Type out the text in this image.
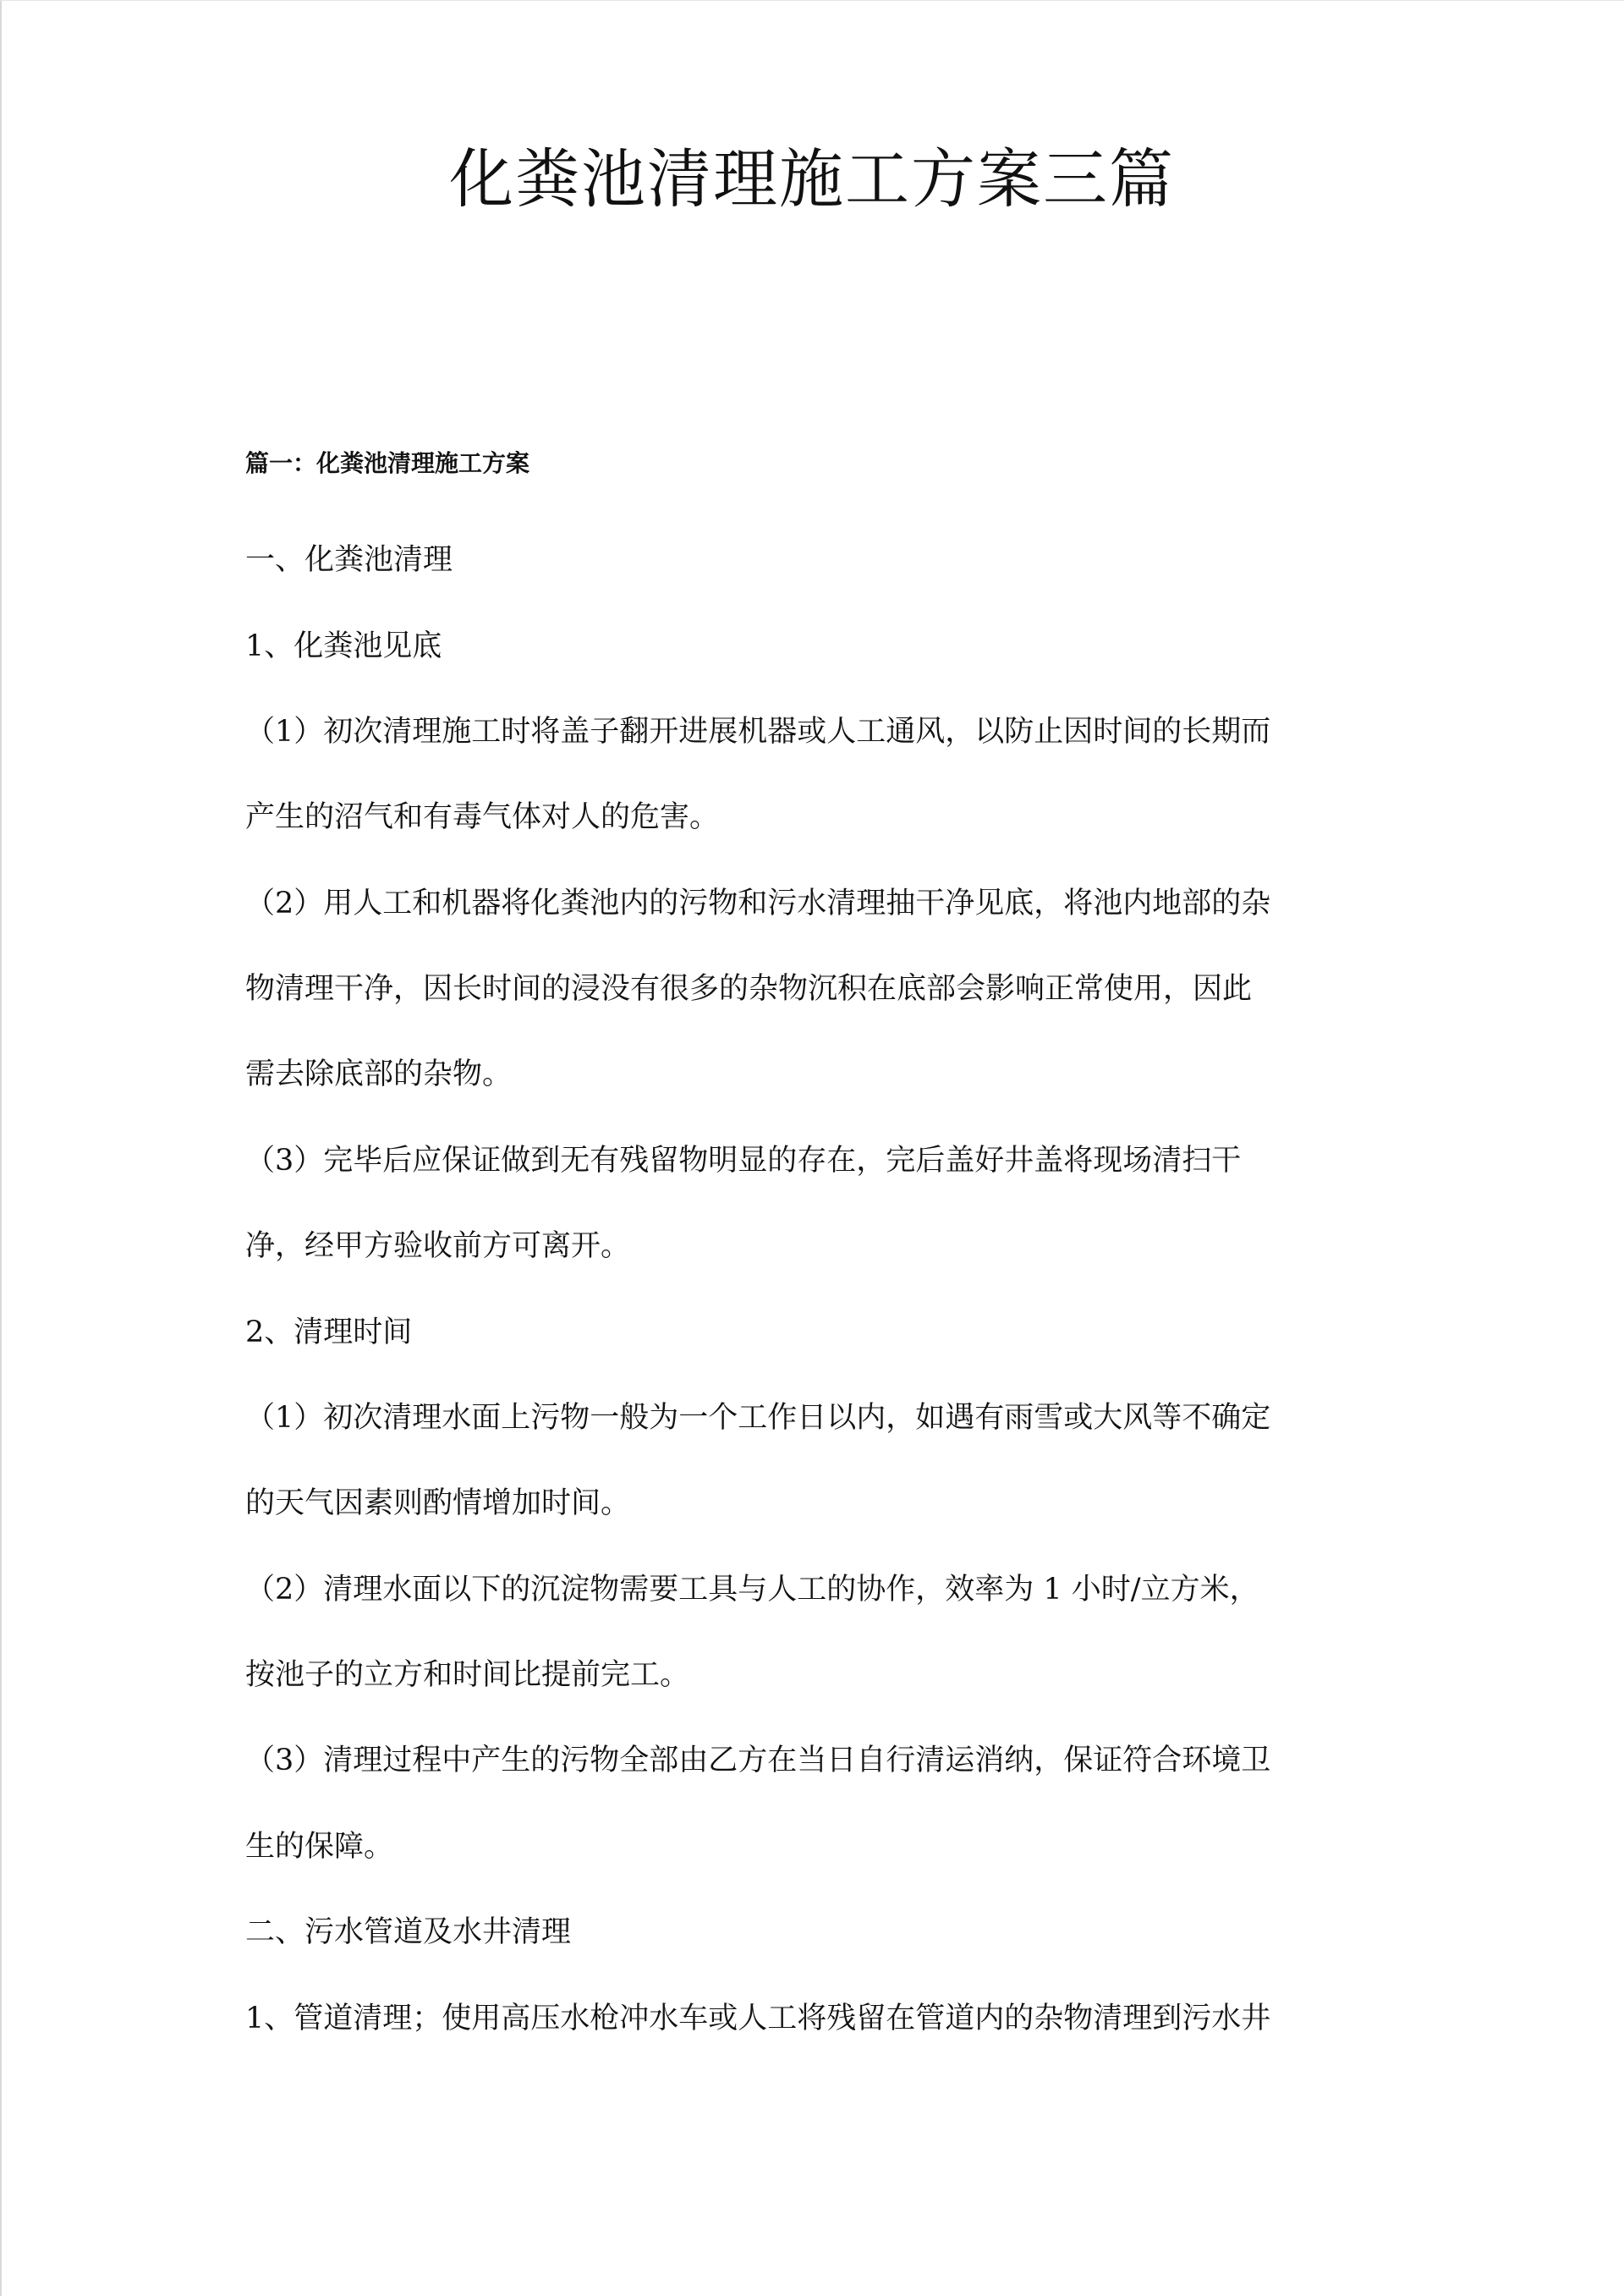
化粪池清理施工方案三篇
篇一：化粪池清理施工方案
一、化粪池清理
1、化粪池见底
（1）初次清理施工时将盖子翻开进展机器或人工通风，以防止因时间的长期而
产生的沼气和有毒气体对人的危害。
（2）用人工和机器将化粪池内的污物和污水清理抽干净见底，将池内地部的杂
物清理干净，因长时间的浸没有很多的杂物沉积在底部会影响正常使用，因此
需去除底部的杂物。
（3）完毕后应保证做到无有残留物明显的存在，完后盖好井盖将现场清扫干
净，经甲方验收前方可离开。
2、清理时间
（1）初次清理水面上污物一般为一个工作日以内，如遇有雨雪或大风等不确定
的天气因素则酌情增加时间。
（2）清理水面以下的沉淀物需要工具与人工的协作，效率为 1 小时/立方米，
按池子的立方和时间比提前完工。
（3）清理过程中产生的污物全部由乙方在当日自行清运消纳，保证符合环境卫
生的保障。
二、污水管道及水井清理
1、管道清理；使用高压水枪冲水车或人工将残留在管道内的杂物清理到污水井
